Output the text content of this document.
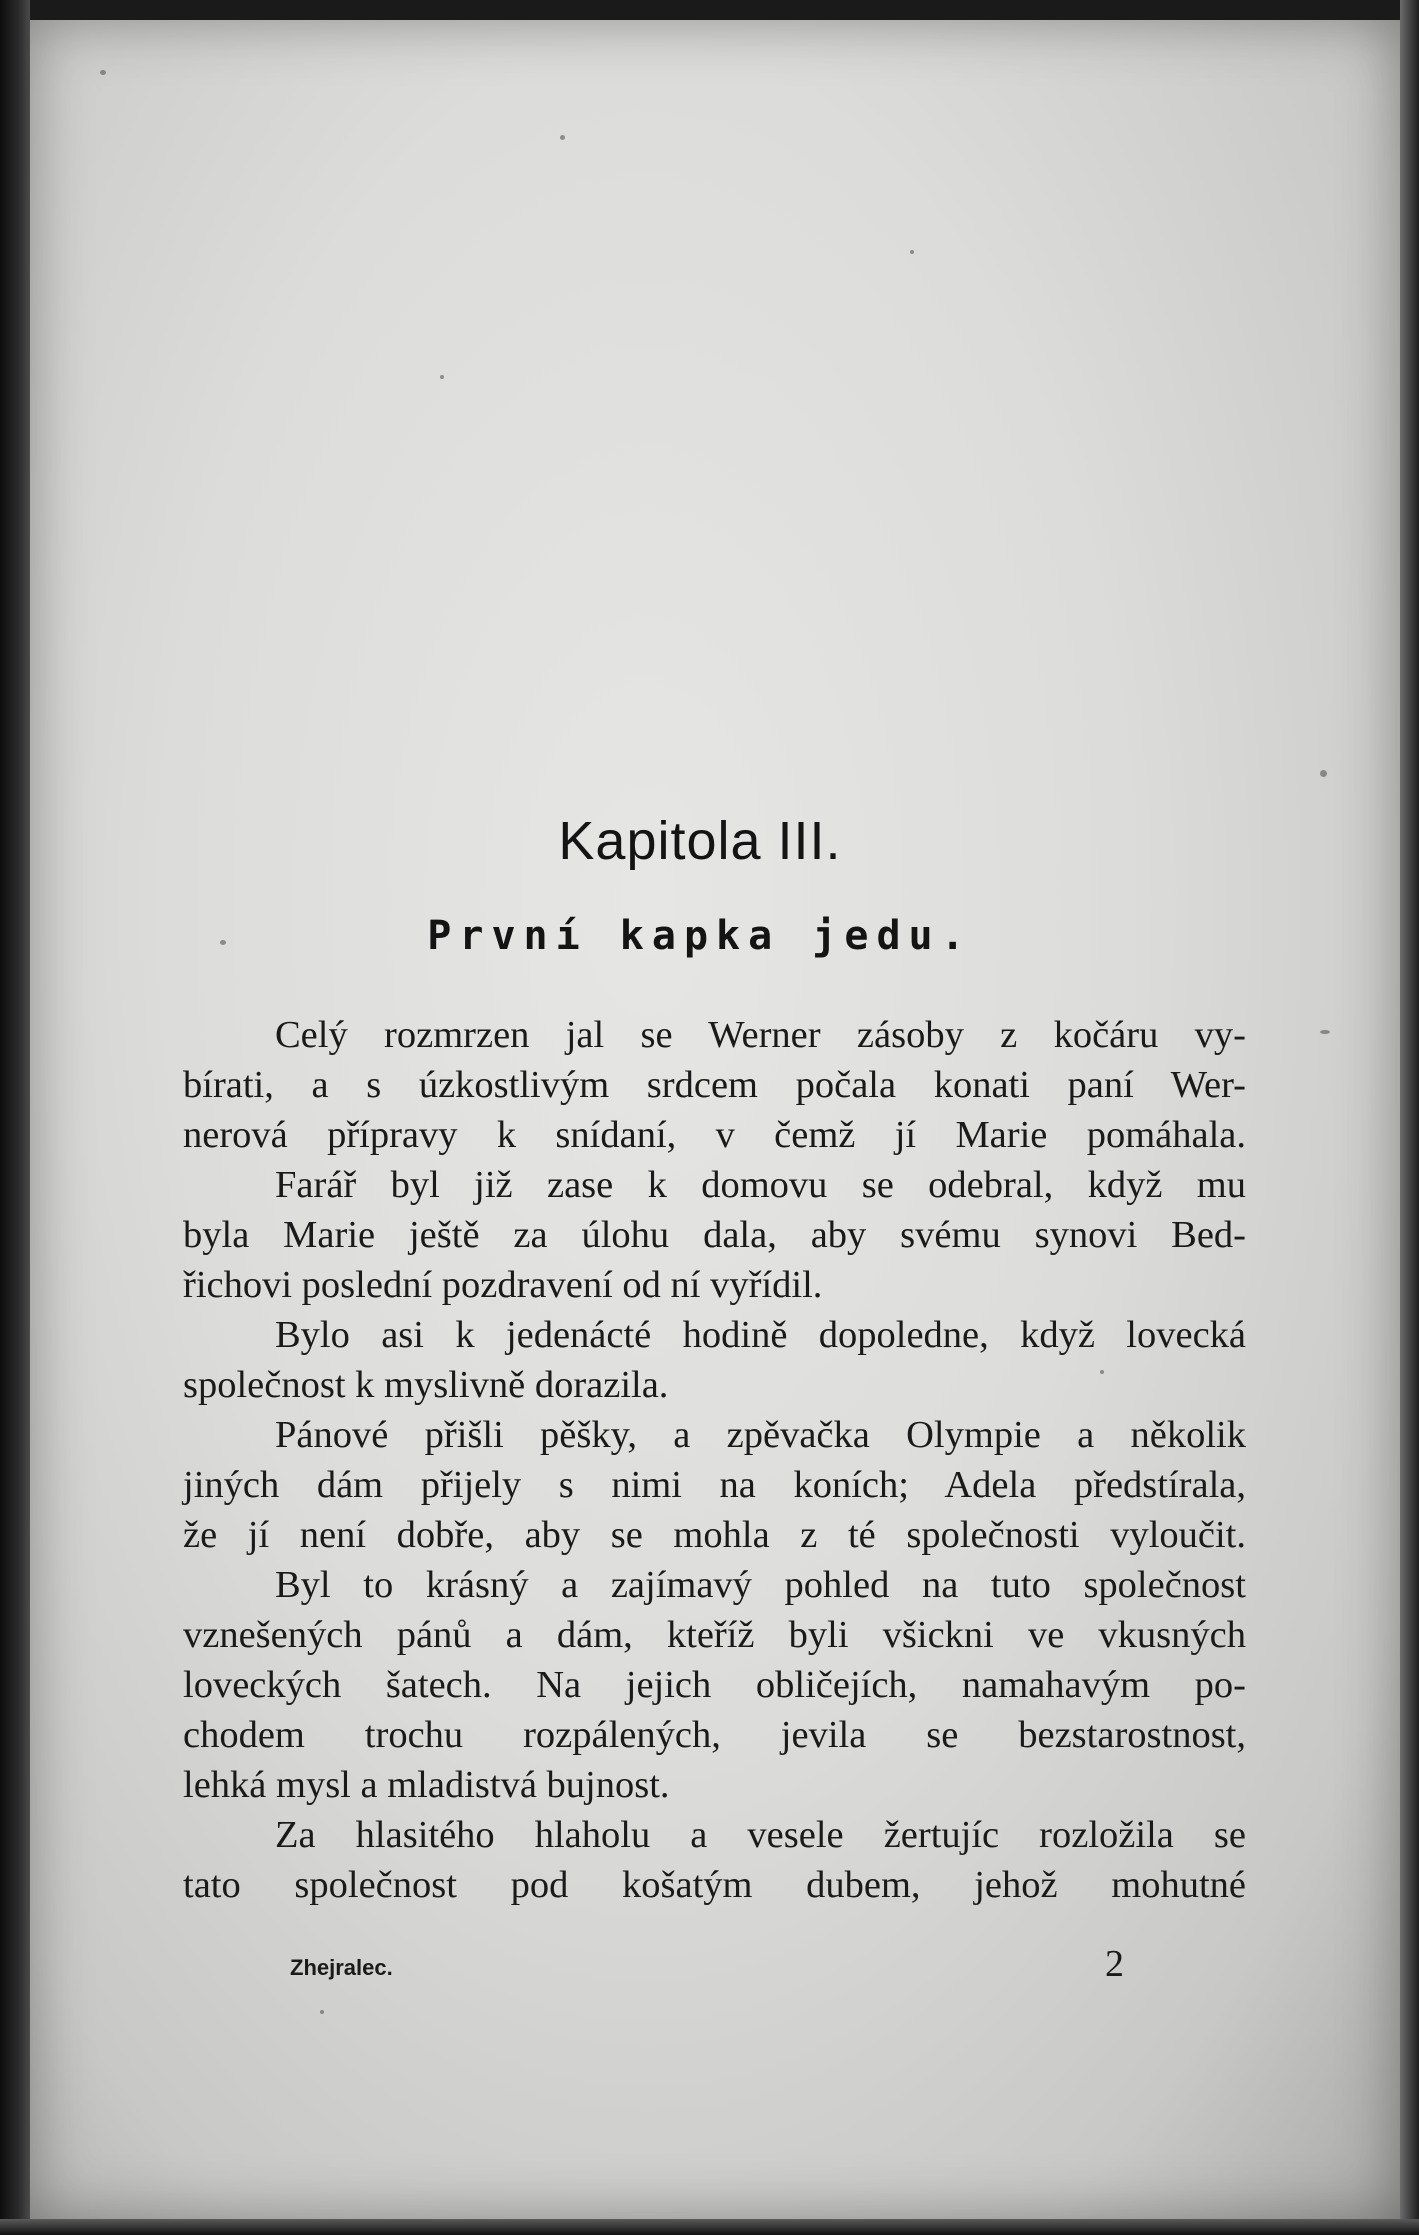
Kapitola III.
První kapka jedu.
Celý rozmrzen jal se Werner zásoby z kočáru vy-
bírati, a s úzkostlivým srdcem počala konati paní Wer-
nerová přípravy k snídaní, v čemž jí Marie pomáhala.
Farář byl již zase k domovu se odebral, když mu
byla Marie ještě za úlohu dala, aby svému synovi Bed-
řichovi poslední pozdravení od ní vyřídil.
Bylo asi k jedenácté hodině dopoledne, když lovecká
společnost k myslivně dorazila.
Pánové přišli pěšky, a zpěvačka Olympie a několik
jiných dám přijely s nimi na koních; Adela předstírala,
že jí není dobře, aby se mohla z té společnosti vyloučit.
Byl to krásný a zajímavý pohled na tuto společnost
vznešených pánů a dám, kteříž byli všickni ve vkusných
loveckých šatech. Na jejich obličejích, namahavým po-
chodem trochu rozpálených, jevila se bezstarostnost,
lehká mysl a mladistvá bujnost.
Za hlasitého hlaholu a vesele žertujíc rozložila se
tato společnost pod košatým dubem, jehož mohutné
Zhejralec.	2
